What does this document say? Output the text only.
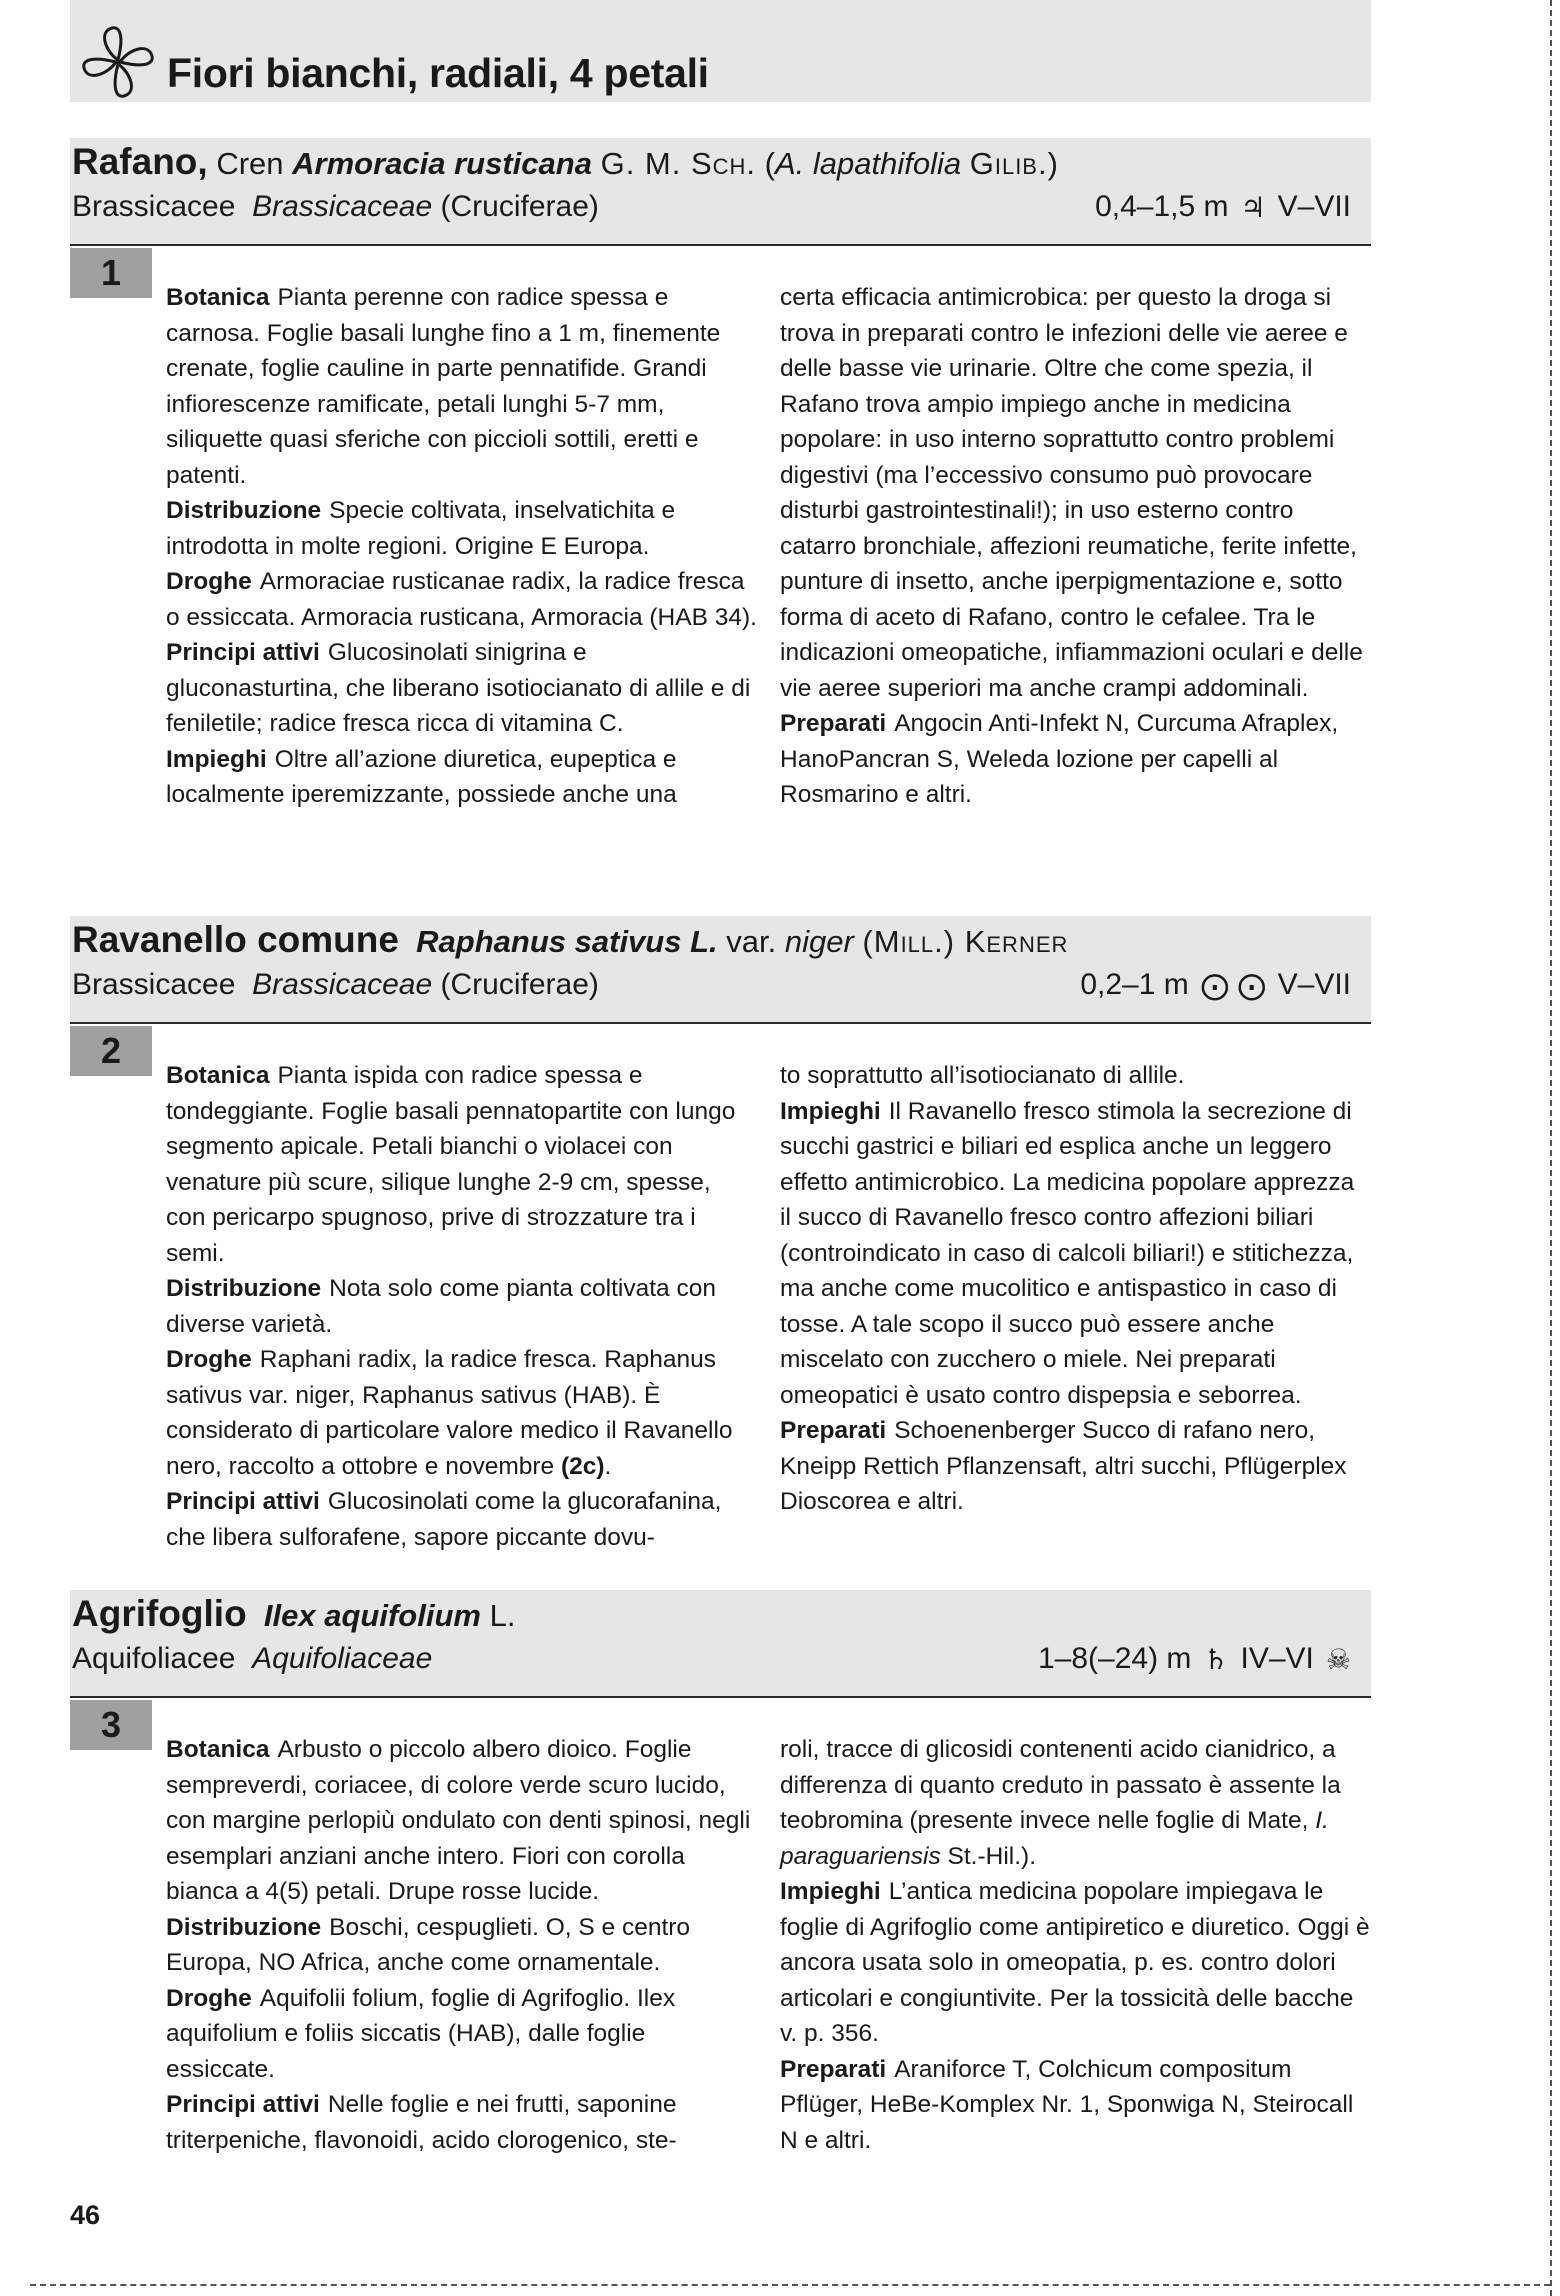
Fiori bianchi, radiali, 4 petali
Rafano, Cren Armoracia rusticana G. M. Sch. (A. lapathifolia Gilib.)
Brassicacee Brassicaceae (Cruciferae)	0,4–1,5 m ♃ V–VII
1

Botanica Pianta perenne con radice spessa e carnosa. Foglie basali lunghe fino a 1 m, finemente crenate, foglie cauline in parte pennatifide. Grandi infiorescenze ramificate, petali lunghi 5-7 mm, siliquette quasi sferiche con piccioli sottili, eretti e patenti.

Distribuzione Specie coltivata, inselvatichita e introdotta in molte regioni. Origine E Europa.

Droghe Armoraciae rusticanae radix, la radice fresca o essiccata. Armoracia rusticana, Armoracia (HAB 34).

Principi attivi Glucosinolati sinigrina e gluconasturtina, che liberano isotiocianato di allile e di feniletile; radice fresca ricca di vitamina C.

Impieghi Oltre all’azione diuretica, eupeptica e localmente iperemizzante, possiede anche una

certa efficacia antimicrobica: per questo la droga si trova in preparati contro le infezioni delle vie aeree e delle basse vie urinarie. Oltre che come spezia, il Rafano trova ampio impiego anche in medicina popolare: in uso interno soprattutto contro problemi digestivi (ma l’eccessivo consumo può provocare disturbi gastrointestinali!); in uso esterno contro catarro bronchiale, affezioni reumatiche, ferite infette, punture di insetto, anche iperpigmentazione e, sotto forma di aceto di Rafano, contro le cefalee. Tra le indicazioni omeopatiche, infiammazioni oculari e delle vie aeree superiori ma anche crampi addominali.

Preparati Angocin Anti-Infekt N, Curcuma Afraplex, HanoPancran S, Weleda lozione per capelli al Rosmarino e altri.

Ravanello comune Raphanus sativus L. var. niger (Mill.) Kerner
Brassicacee Brassicaceae (Cruciferae)	0,2–1 m ⨀ ⨀ V–VII
2

Botanica Pianta ispida con radice spessa e tondeggiante. Foglie basali pennatopartite con lungo segmento apicale. Petali bianchi o violacei con venature più scure, silique lunghe 2-9 cm, spesse, con pericarpo spugnoso, prive di strozzature tra i semi.

Distribuzione Nota solo come pianta coltivata con diverse varietà.

Droghe Raphani radix, la radice fresca. Raphanus sativus var. niger, Raphanus sativus (HAB). È considerato di particolare valore medico il Ravanello nero, raccolto a ottobre e novembre (2c).

Principi attivi Glucosinolati come la glucorafanina, che libera sulforafene, sapore piccante dovu-

to soprattutto all’isotiocianato di allile.

Impieghi Il Ravanello fresco stimola la secrezione di succhi gastrici e biliari ed esplica anche un leggero effetto antimicrobico. La medicina popolare apprezza il succo di Ravanello fresco contro affezioni biliari (controindicato in caso di calcoli biliari!) e stitichezza, ma anche come mucolitico e antispastico in caso di tosse. A tale scopo il succo può essere anche miscelato con zucchero o miele. Nei preparati omeopatici è usato contro dispepsia e seborrea.

Preparati Schoenenberger Succo di rafano nero, Kneipp Rettich Pflanzensaft, altri succhi, Pflügerplex Dioscorea e altri.

Agrifoglio Ilex aquifolium L.
Aquifoliacee Aquifoliaceae	1–8(–24) m ♄ IV–VI ☠
3

Botanica Arbusto o piccolo albero dioico. Foglie sempreverdi, coriacee, di colore verde scuro lucido, con margine perlopiù ondulato con denti spinosi, negli esemplari anziani anche intero. Fiori con corolla bianca a 4(5) petali. Drupe rosse lucide.

Distribuzione Boschi, cespuglieti. O, S e centro Europa, NO Africa, anche come ornamentale.

Droghe Aquifolii folium, foglie di Agrifoglio. Ilex aquifolium e foliis siccatis (HAB), dalle foglie essiccate.

Principi attivi Nelle foglie e nei frutti, saponine triterpeniche, flavonoidi, acido clorogenico, ste-

roli, tracce di glicosidi contenenti acido cianidrico, a differenza di quanto creduto in passato è assente la teobromina (presente invece nelle foglie di Mate, I. paraguariensis St.-Hil.).

Impieghi L’antica medicina popolare impiegava le foglie di Agrifoglio come antipiretico e diuretico. Oggi è ancora usata solo in omeopatia, p. es. contro dolori articolari e congiuntivite. Per la tossicità delle bacche v. p. 356.

Preparati Araniforce T, Colchicum compositum Pflüger, HeBe-Komplex Nr. 1, Sponwiga N, Steirocall N e altri.

46
